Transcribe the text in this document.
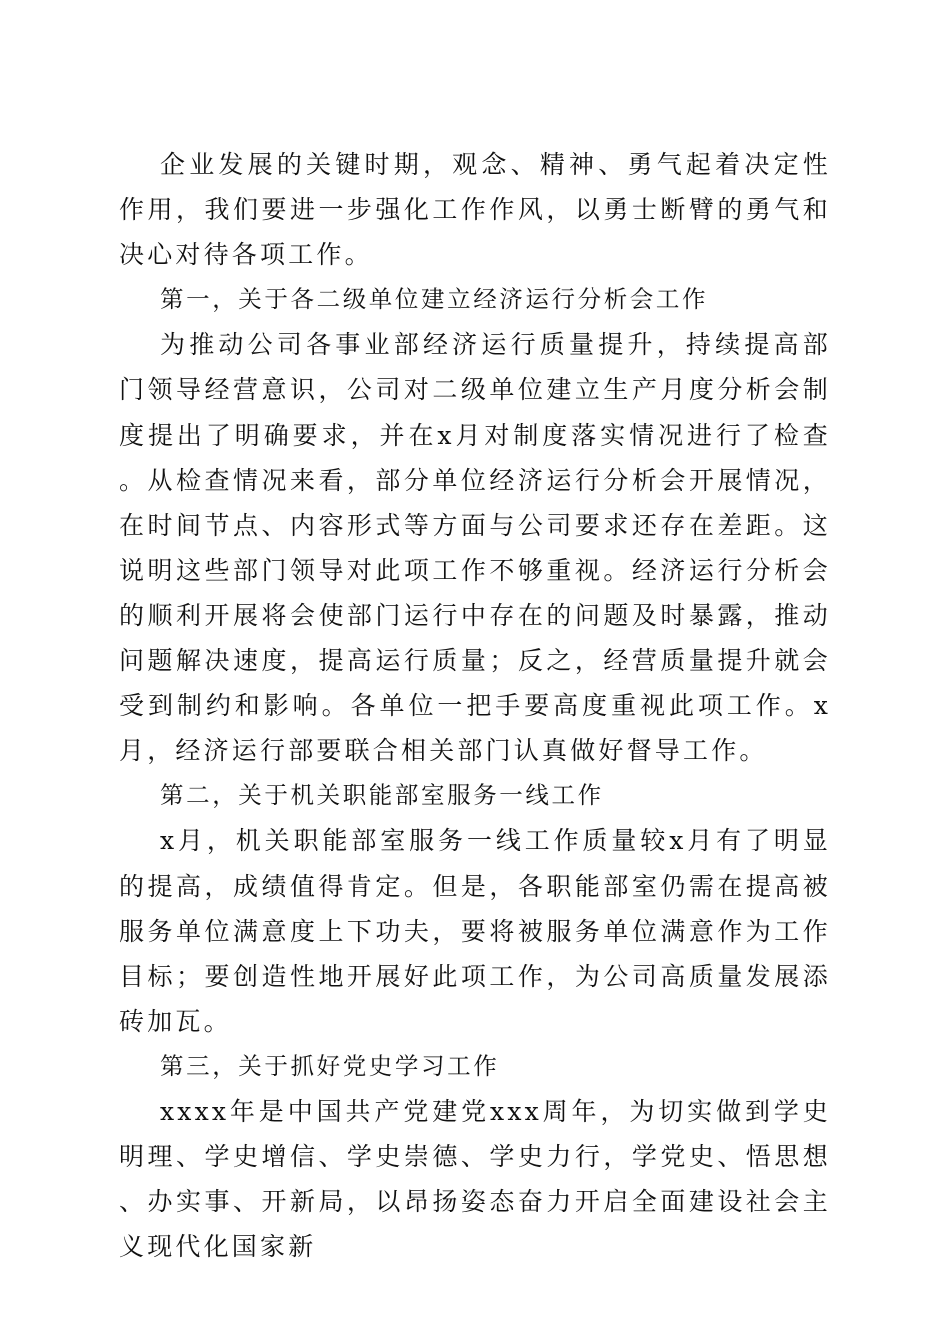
企业发展的关键时期，观念、精神、勇气起着决定性作用，我们要进一步强化工作作风，以勇士断臂的勇气和决心对待各项工作。

第一，关于各二级单位建立经济运行分析会工作

为推动公司各事业部经济运行质量提升，持续提高部门领导经营意识，公司对二级单位建立生产月度分析会制度提出了明确要求，并在x月对制度落实情况进行了检查。从检查情况来看，部分单位经济运行分析会开展情况，在时间节点、内容形式等方面与公司要求还存在差距。这说明这些部门领导对此项工作不够重视。经济运行分析会的顺利开展将会使部门运行中存在的问题及时暴露，推动问题解决速度，提高运行质量；反之，经营质量提升就会受到制约和影响。各单位一把手要高度重视此项工作。x月，经济运行部要联合相关部门认真做好督导工作。

第二，关于机关职能部室服务一线工作

x月，机关职能部室服务一线工作质量较x月有了明显的提高，成绩值得肯定。但是，各职能部室仍需在提高被服务单位满意度上下功夫，要将被服务单位满意作为工作目标；要创造性地开展好此项工作，为公司高质量发展添砖加瓦。

第三，关于抓好党史学习工作

xxxx年是中国共产党建党xxx周年，为切实做到学史明理、学史增信、学史崇德、学史力行，学党史、悟思想、办实事、开新局，以昂扬姿态奋力开启全面建设社会主义现代化国家新
